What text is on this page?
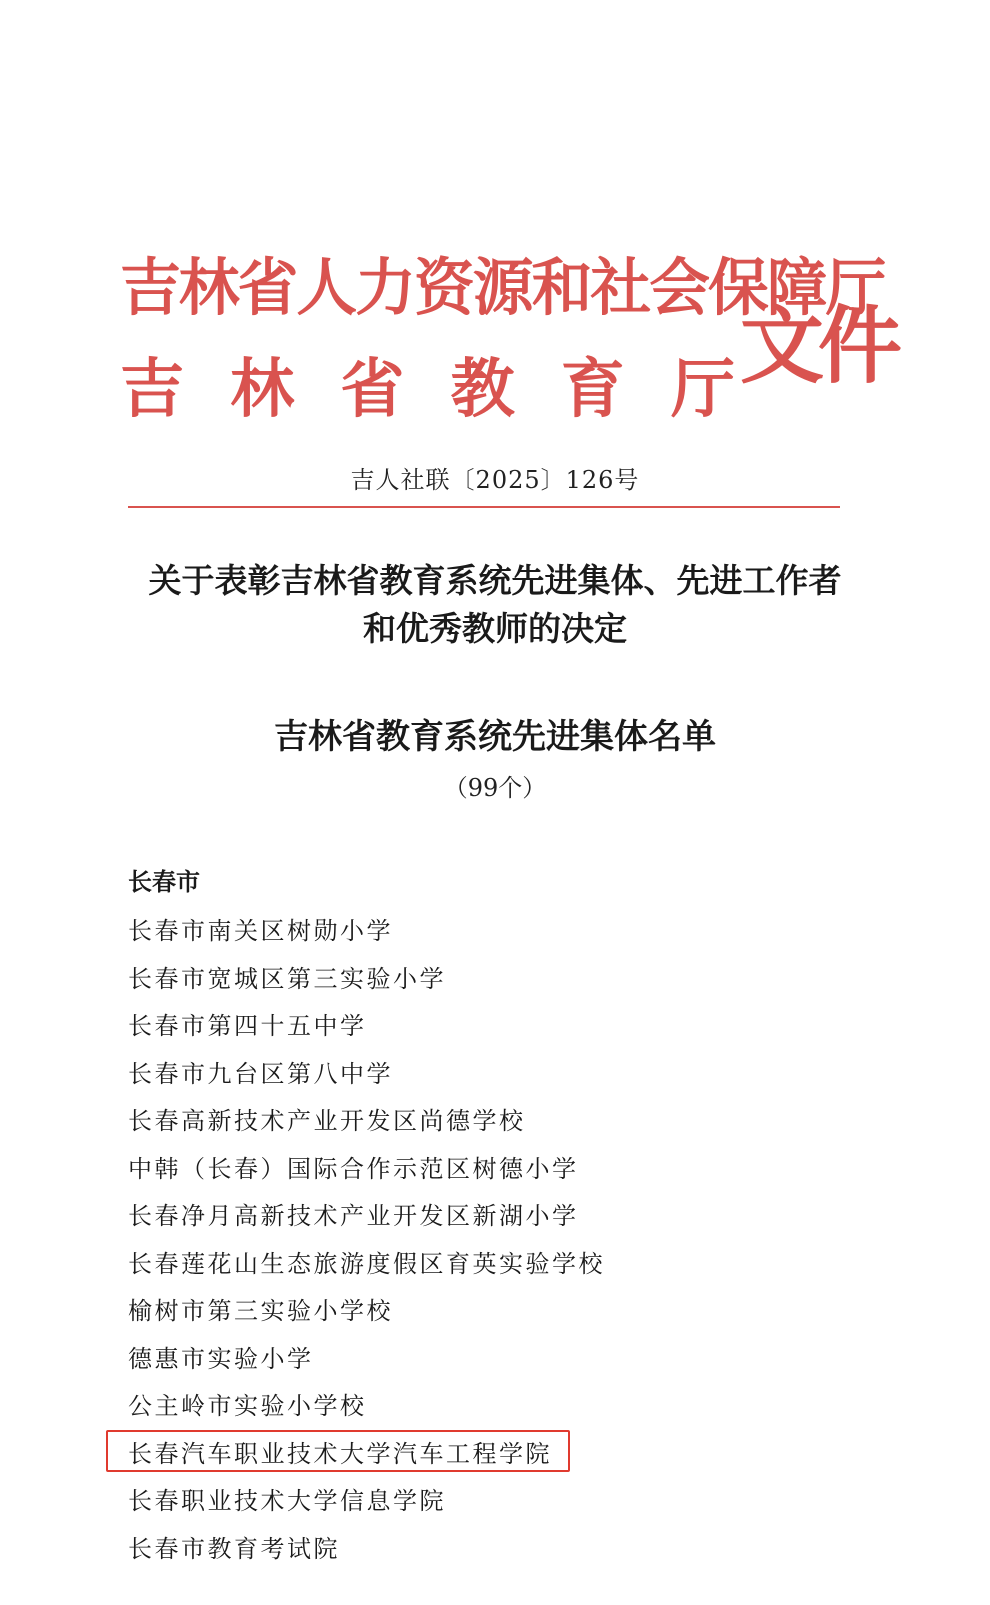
吉林省人力资源和社会保障厅
吉 林 省 教 育 厅 文件
吉人社联〔2025〕126号
关于表彰吉林省教育系统先进集体、先进工作者
和优秀教师的决定
吉林省教育系统先进集体名单
（99个）
长春市
长春市南关区树勋小学
长春市宽城区第三实验小学
长春市第四十五中学
长春市九台区第八中学
长春高新技术产业开发区尚德学校
中韩（长春）国际合作示范区树德小学
长春净月高新技术产业开发区新湖小学
长春莲花山生态旅游度假区育英实验学校
榆树市第三实验小学校
德惠市实验小学
公主岭市实验小学校
长春汽车职业技术大学汽车工程学院
长春职业技术大学信息学院
长春市教育考试院
